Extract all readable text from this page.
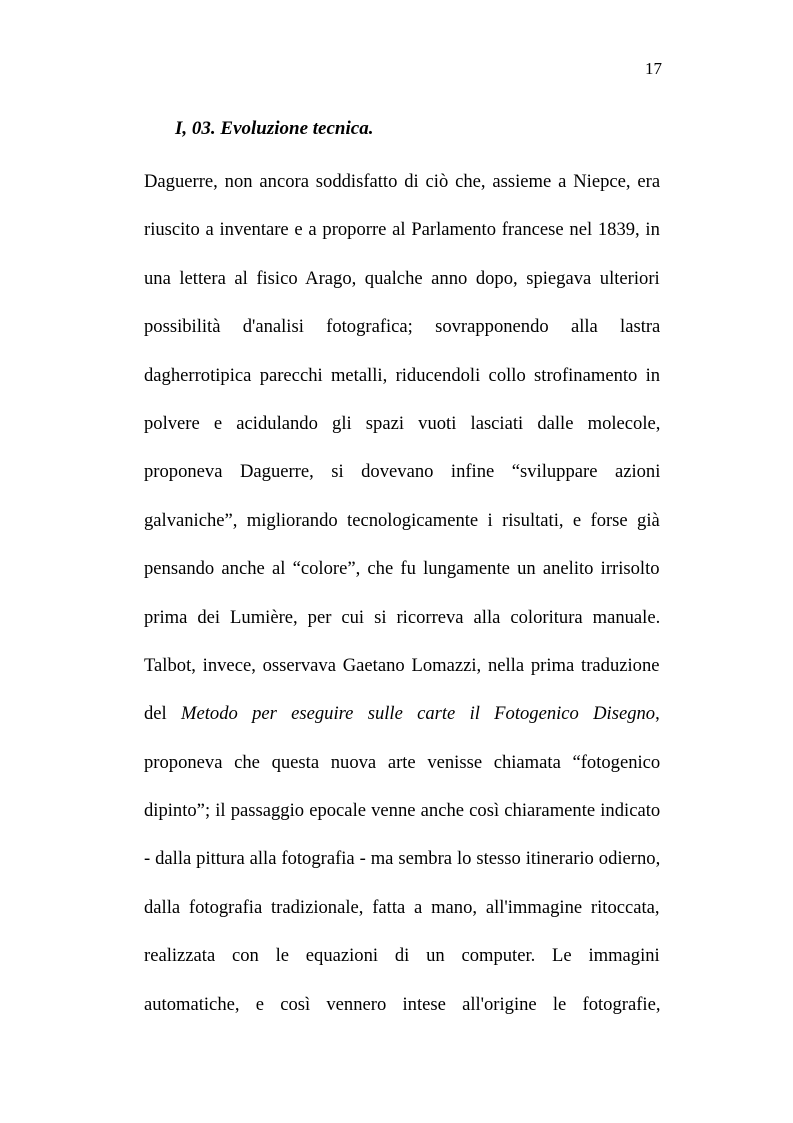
17
I, 03. Evoluzione tecnica.
Daguerre, non ancora soddisfatto di ciò che, assieme a Niepce, era
riuscito a inventare e a proporre al Parlamento francese nel 1839, in
una lettera al fisico Arago, qualche anno dopo, spiegava ulteriori
possibilità d'analisi fotografica; sovrapponendo alla lastra
dagherrotipica parecchi metalli, riducendoli collo strofinamento in
polvere e acidulando gli spazi vuoti lasciati dalle molecole,
proponeva Daguerre, si dovevano infine “sviluppare azioni
galvaniche”, migliorando tecnologicamente i risultati, e forse già
pensando anche al “colore”, che fu lungamente un anelito irrisolto
prima dei Lumière, per cui si ricorreva alla coloritura manuale.
Talbot, invece, osservava Gaetano Lomazzi, nella prima traduzione
del Metodo per eseguire sulle carte il Fotogenico Disegno,
proponeva che questa nuova arte venisse chiamata “fotogenico
dipinto”; il passaggio epocale venne anche così chiaramente indicato
- dalla pittura alla fotografia - ma sembra lo stesso itinerario odierno,
dalla fotografia tradizionale, fatta a mano, all'immagine ritoccata,
realizzata con le equazioni di un computer. Le immagini
automatiche, e così vennero intese all'origine le fotografie,
